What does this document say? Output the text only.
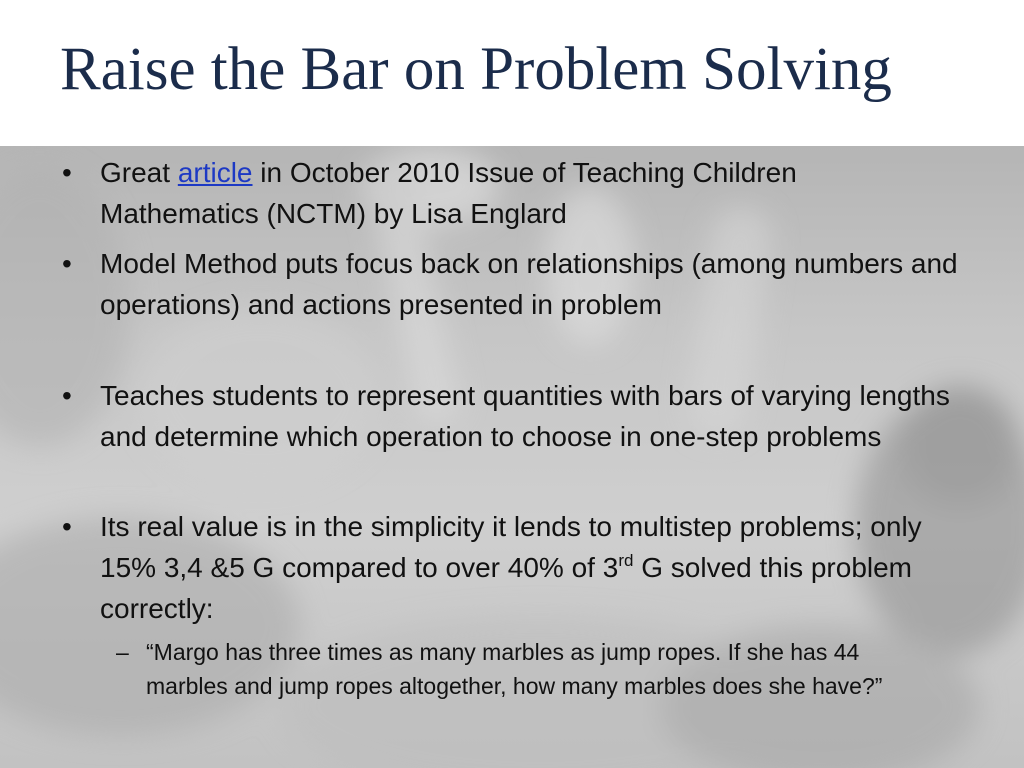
Raise the Bar on Problem Solving
•	Great article in October 2010 Issue of Teaching Children Mathematics (NCTM) by Lisa Englard
•	Model Method puts focus back on relationships (among numbers and operations) and actions presented in problem
•	Teaches students to represent quantities with bars of varying lengths and determine which operation to choose in one-step problems
•	Its real value is in the simplicity it lends to multistep problems; only 15% 3,4 &5 G compared to over 40% of 3rd G solved this problem correctly:
– “Margo has three times as many marbles as jump ropes. If she has 44 marbles and jump ropes altogether, how many marbles does she have?”
